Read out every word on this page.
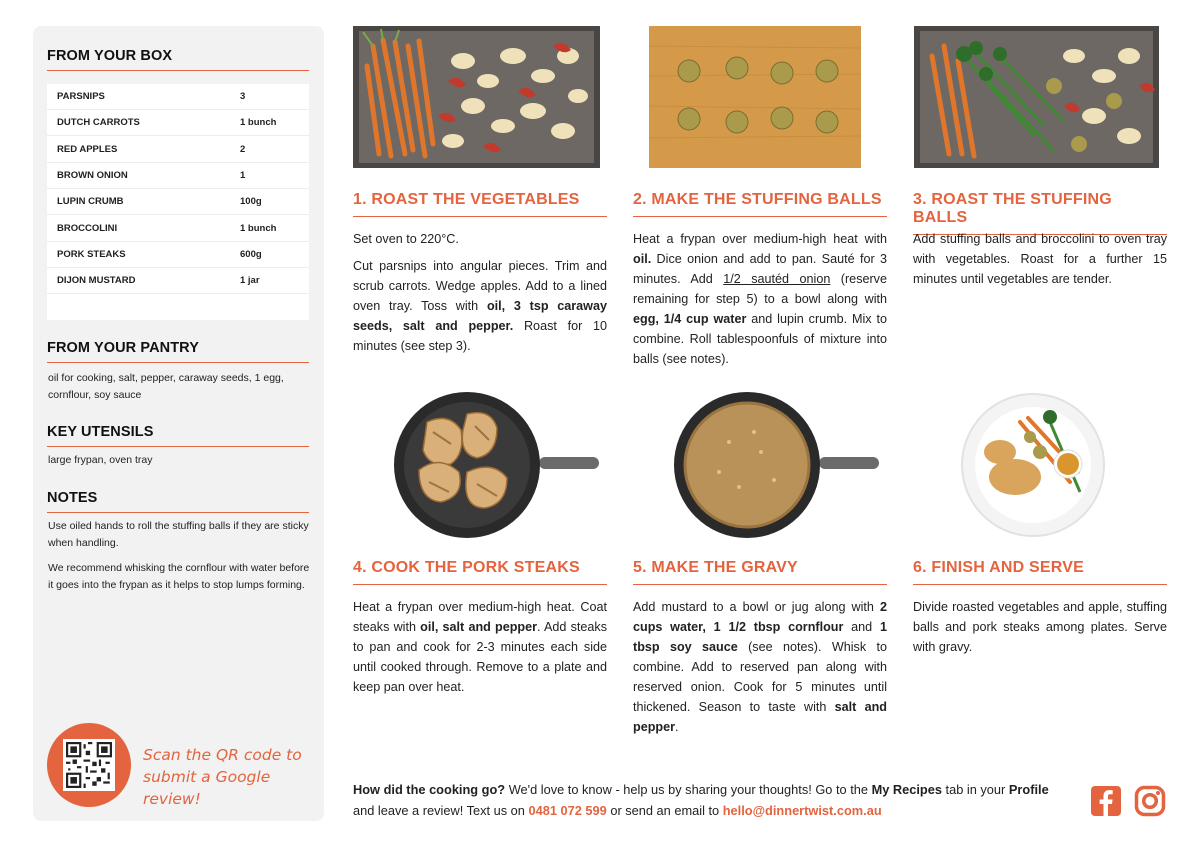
FROM YOUR BOX
PARSNIPS	3
DUTCH CARROTS	1 bunch
RED APPLES	2
BROWN ONION	1
LUPIN CRUMB	100g
BROCCOLINI	1 bunch
PORK STEAKS	600g
DIJON MUSTARD	1 jar
FROM YOUR PANTRY
oil for cooking, salt, pepper, caraway seeds, 1 egg, cornflour, soy sauce
KEY UTENSILS
large frypan, oven tray
NOTES
Use oiled hands to roll the stuffing balls if they are sticky when handling.
We recommend whisking the cornflour with water before it goes into the frypan as it helps to stop lumps forming.
Scan the QR code to
submit a Google review!
1. ROAST THE VEGETABLES

Set oven to 220°C.

Cut parsnips into angular pieces. Trim and scrub carrots. Wedge apples. Add to a lined oven tray. Toss with oil, 3 tsp caraway seeds, salt and pepper. Roast for 10 minutes (see step 3).

2. MAKE THE STUFFING BALLS

Heat a frypan over medium-high heat with oil. Dice onion and add to pan. Sauté for 3 minutes. Add 1/2 sautéd onion (reserve remaining for step 5) to a bowl along with egg, 1/4 cup water and lupin crumb. Mix to combine. Roll tablespoonfuls of mixture into balls (see notes).

3. ROAST THE STUFFING BALLS

Add stuffing balls and broccolini to oven tray with vegetables. Roast for a further 15 minutes until vegetables are tender.

4. COOK THE PORK STEAKS

Heat a frypan over medium-high heat. Coat steaks with oil, salt and pepper. Add steaks to pan and cook for 2-3 minutes each side until cooked through. Remove to a plate and keep pan over heat.

5. MAKE THE GRAVY

Add mustard to a bowl or jug along with 2 cups water, 1 1/2 tbsp cornflour and 1 tbsp soy sauce (see notes). Whisk to combine. Add to reserved pan along with reserved onion. Cook for 5 minutes until thickened. Season to taste with salt and pepper.

6. FINISH AND SERVE

Divide roasted vegetables and apple, stuffing balls and pork steaks among plates. Serve with gravy.

How did the cooking go? We'd love to know - help us by sharing your thoughts! Go to the My Recipes tab in your Profile and leave a review! Text us on 0481 072 599 or send an email to hello@dinnertwist.com.au
